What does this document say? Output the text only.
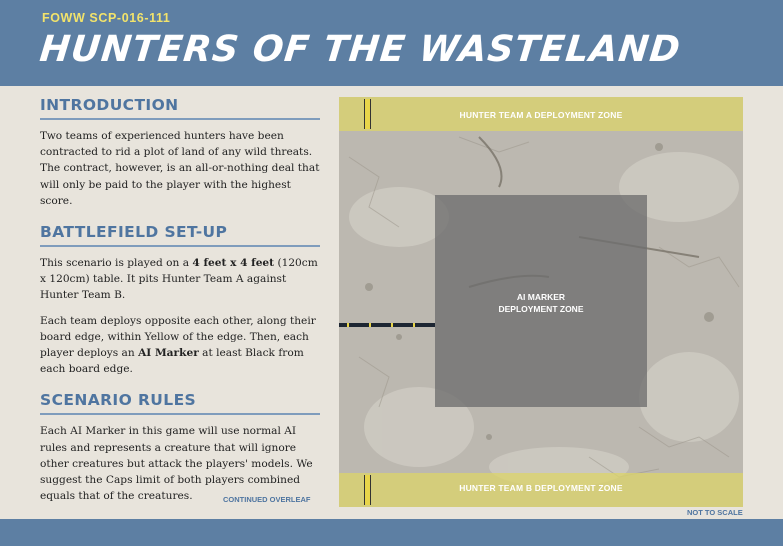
FOWW SCP-016-111
HUNTERS OF THE WASTELAND
INTRODUCTION

Two teams of experienced hunters have been contracted to rid a plot of land of any wild threats. The contract, however, is an all-or-nothing deal that will only be paid to the player with the highest score.

BATTLEFIELD SET-UP

This scenario is played on a 4 feet x 4 feet (120cm x 120cm) table. It pits Hunter Team A against Hunter Team B.

Each team deploys opposite each other, along their board edge, within Yellow of the edge. Then, each player deploys an AI Marker at least Black from each board edge.

SCENARIO RULES

Each AI Marker in this game will use normal AI rules and represents a creature that will ignore other creatures but attack the players' models. We suggest the Caps limit of both players combined equals that of the creatures.	CONTINUED OVERLEAF
HUNTER TEAM A DEPLOYMENT ZONE
HUNTER TEAM B DEPLOYMENT ZONE
AI MARKER
DEPLOYMENT ZONE
NOT TO SCALE
